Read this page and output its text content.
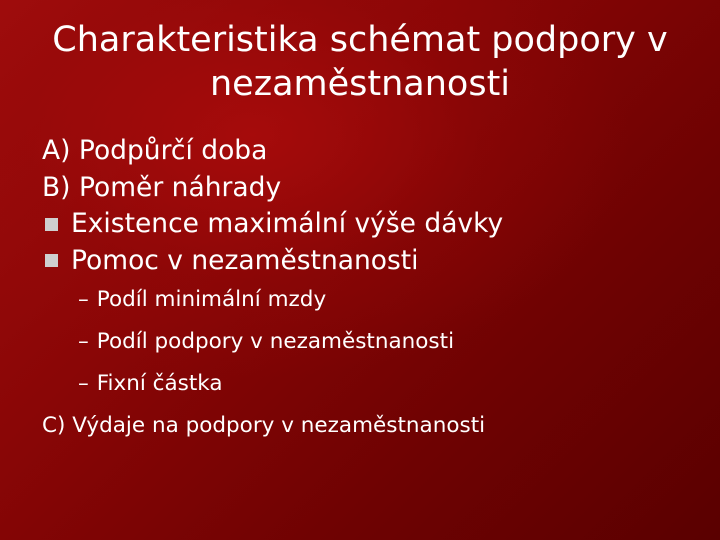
Charakteristika schémat podpory v
nezaměstnanosti
A)
Podpůrčí doba
B)
Poměr náhrady
Existence maximální výše dávky
Pomoc v nezaměstnanosti
– Podíl minimální mzdy
– Podíl podpory v nezaměstnanosti
– Fixní částka
C) Výdaje na podpory v nezaměstnanosti
